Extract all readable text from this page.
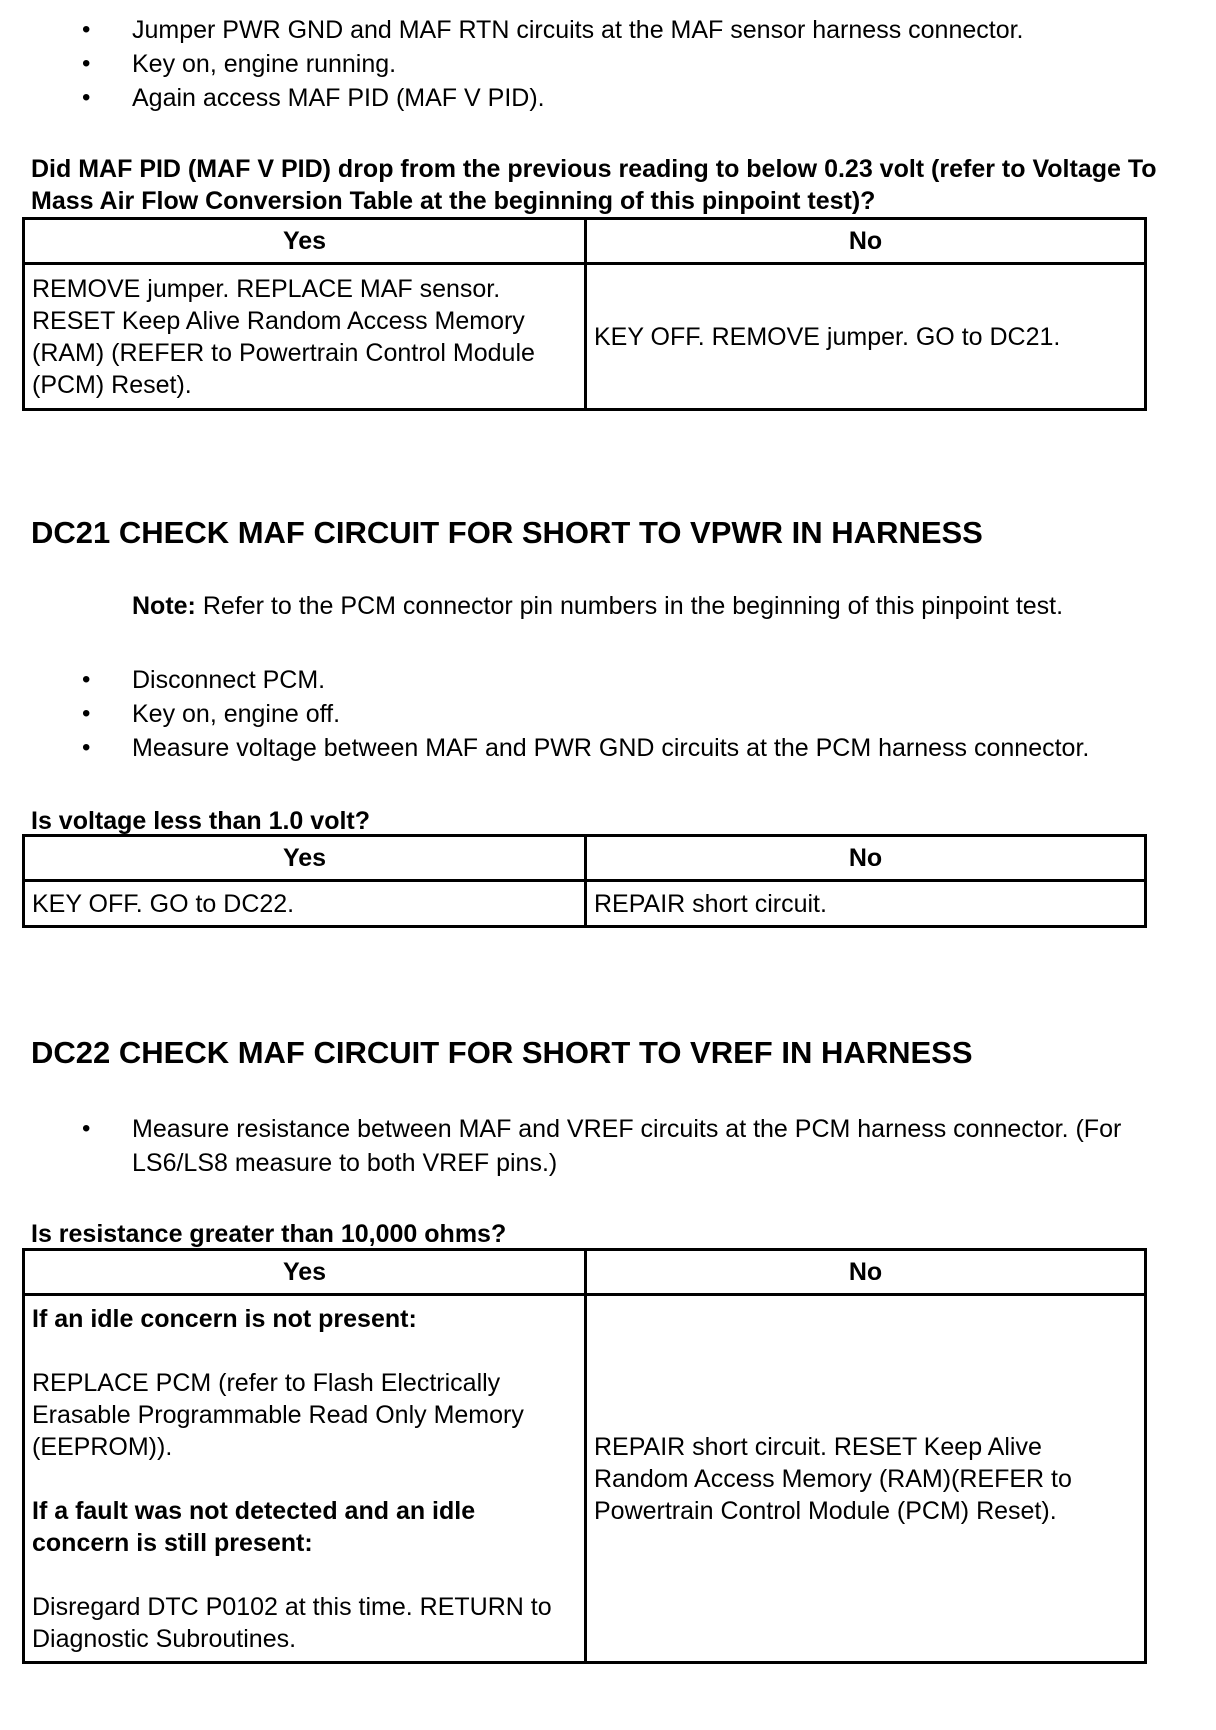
• Jumper PWR GND and MAF RTN circuits at the MAF sensor harness connector.
• Key on, engine running.
• Again access MAF PID (MAF V PID).

Did MAF PID (MAF V PID) drop from the previous reading to below 0.23 volt (refer to Voltage To Mass Air Flow Conversion Table at the beginning of this pinpoint test)?

Yes	No
REMOVE jumper. REPLACE MAF sensor. RESET Keep Alive Random Access Memory (RAM) (REFER to Powertrain Control Module (PCM) Reset).	KEY OFF. REMOVE jumper. GO to DC21.
DC21 CHECK MAF CIRCUIT FOR SHORT TO VPWR IN HARNESS

Note: Refer to the PCM connector pin numbers in the beginning of this pinpoint test.

• Disconnect PCM.
• Key on, engine off.
• Measure voltage between MAF and PWR GND circuits at the PCM harness connector.

Is voltage less than 1.0 volt?

Yes	No
KEY OFF. GO to DC22.	REPAIR short circuit.
DC22 CHECK MAF CIRCUIT FOR SHORT TO VREF IN HARNESS
• Measure resistance between MAF and VREF circuits at the PCM harness connector. (For LS6/LS8 measure to both VREF pins.)

Is resistance greater than 10,000 ohms?

Yes	No

If an idle concern is not present:

REPLACE PCM (refer to Flash Electrically Erasable Programmable Read Only Memory (EEPROM)).

If a fault was not detected and an idle concern is still present:

Disregard DTC P0102 at this time. RETURN to Diagnostic Subroutines.	REPAIR short circuit. RESET Keep Alive Random Access Memory (RAM)(REFER to Powertrain Control Module (PCM) Reset).
